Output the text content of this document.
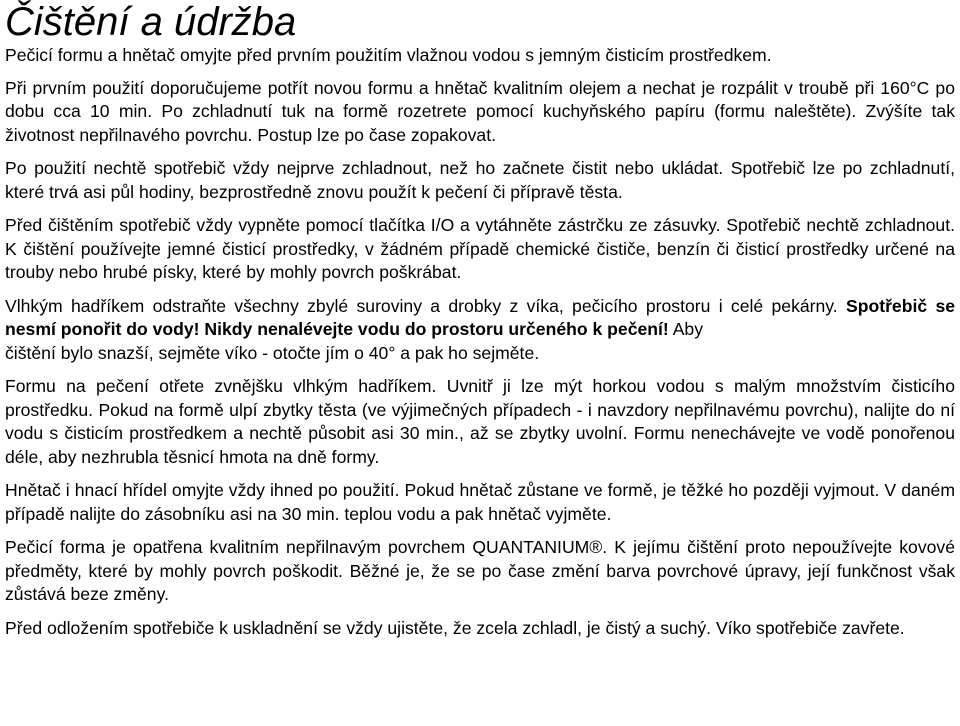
Čištění a údržba

Pečicí formu a hnětač omyjte před prvním použitím vlažnou vodou s jemným čisticím prostředkem.

Při prvním použití doporučujeme potřít novou formu a hnětač kvalitním olejem a nechat je rozpálit v troubě při 160°C po dobu cca 10 min. Po zchladnutí tuk na formě rozetrete pomocí kuchyňského papíru (formu naleštěte). Zvýšíte tak životnost nepřilnavého povrchu. Postup lze po čase zopakovat.

Po použití nechtě spotřebič vždy nejprve zchladnout, než ho začnete čistit nebo ukládat. Spotřebič lze po zchladnutí, které trvá asi půl hodiny, bezprostředně znovu použít k pečení či přípravě těsta.

Před čištěním spotřebič vždy vypněte pomocí tlačítka I/O a vytáhněte zástrčku ze zásuvky. Spotřebič nechtě zchladnout. K čištění používejte jemné čisticí prostředky, v žádném případě chemické čističe, benzín či čisticí prostředky určené na trouby nebo hrubé písky, které by mohly povrch poškrábat.

Vlhkým hadříkem odstraňte všechny zbylé suroviny a drobky z víka, pečicího prostoru i celé pekárny. Spotřebič se nesmí ponořit do vody! Nikdy nenalévejte vodu do prostoru určeného k pečení! Aby
čištění bylo snazší, sejměte víko - otočte jím o 40° a pak ho sejměte.

Formu na pečení otřete zvnějšku vlhkým hadříkem. Uvnitř ji lze mýt horkou vodou s malým množstvím čisticího prostředku. Pokud na formě ulpí zbytky těsta (ve výjimečných případech - i navzdory nepřilnavému povrchu), nalijte do ní vodu s čisticím prostředkem a nechtě působit asi 30 min., až se zbytky uvolní. Formu nenechávejte ve vodě ponořenou déle, aby nezhrubla těsnicí hmota na dně formy.

Hnětač i hnací hřídel omyjte vždy ihned po použití. Pokud hnětač zůstane ve formě, je těžké ho později vyjmout. V daném případě nalijte do zásobníku asi na 30 min. teplou vodu a pak hnětač vyjměte.

Pečicí forma je opatřena kvalitním nepřilnavým povrchem QUANTANIUM®. K jejímu čištění proto nepoužívejte kovové předměty, které by mohly povrch poškodit. Běžné je, že se po čase změní barva povrchové úpravy, její funkčnost však zůstává beze změny.

Před odložením spotřebiče k uskladnění se vždy ujistěte, že zcela zchladl, je čistý a suchý. Víko spotřebiče zavřete.
